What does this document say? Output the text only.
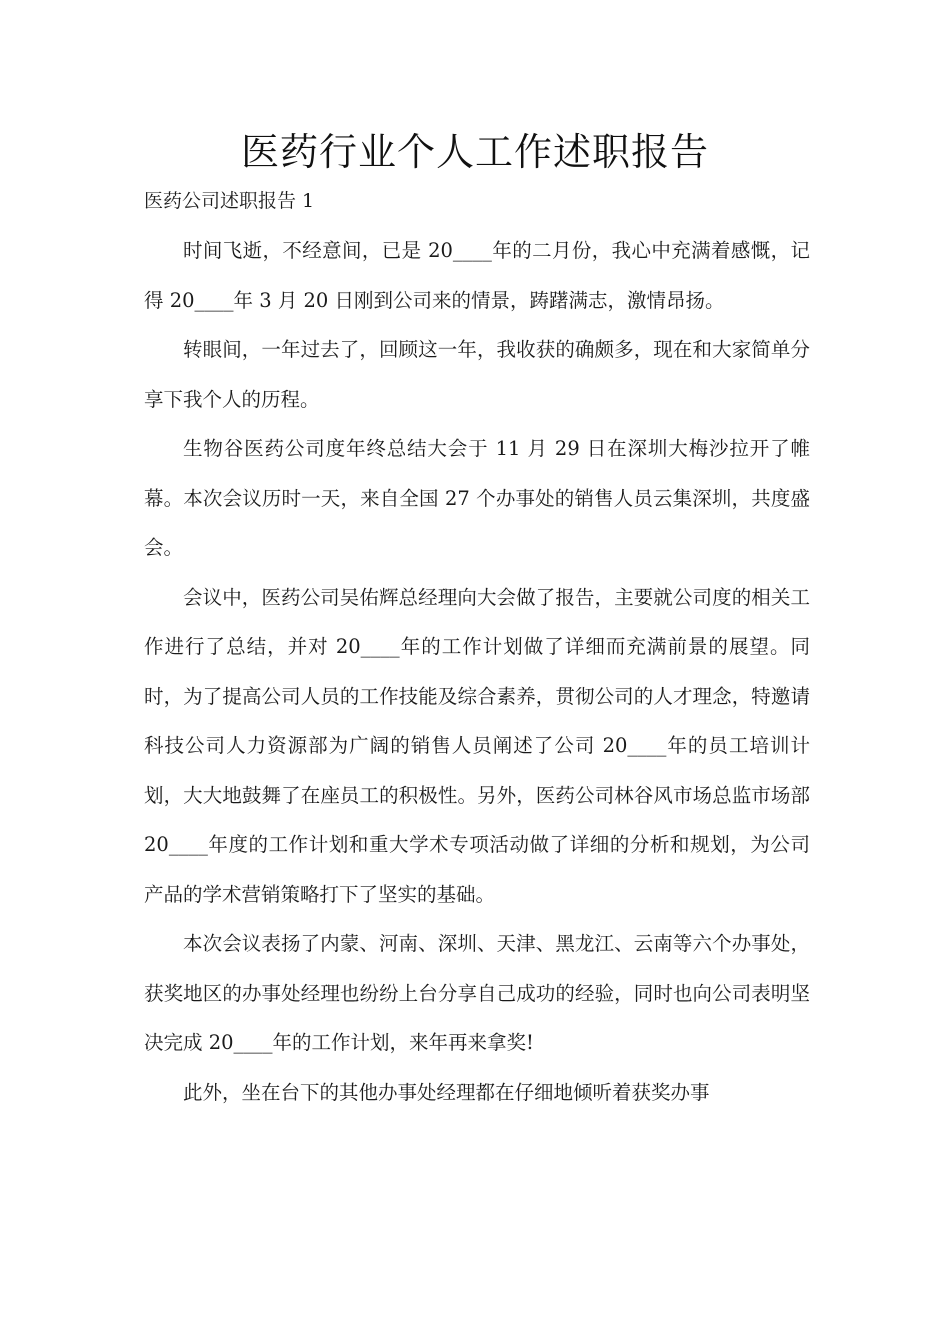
医药行业个人工作述职报告

医药公司述职报告 1

时间飞逝，不经意间，已是 20____年的二月份，我心中充满着感慨，记得 20____年 3 月 20 日刚到公司来的情景，踌躇满志，激情昂扬。

转眼间，一年过去了，回顾这一年，我收获的确颇多，现在和大家简单分享下我个人的历程。

生物谷医药公司度年终总结大会于 11 月 29 日在深圳大梅沙拉开了帷幕。本次会议历时一天，来自全国 27 个办事处的销售人员云集深圳，共度盛会。

会议中，医药公司吴佑辉总经理向大会做了报告，主要就公司度的相关工作进行了总结，并对 20____年的工作计划做了详细而充满前景的展望。同时，为了提高公司人员的工作技能及综合素养，贯彻公司的人才理念，特邀请科技公司人力资源部为广阔的销售人员阐述了公司 20____年的员工培训计划，大大地鼓舞了在座员工的积极性。另外，医药公司林谷风市场总监市场部 20____年度的工作计划和重大学术专项活动做了详细的分析和规划，为公司产品的学术营销策略打下了坚实的基础。

本次会议表扬了内蒙、河南、深圳、天津、黑龙江、云南等六个办事处，获奖地区的办事处经理也纷纷上台分享自己成功的经验，同时也向公司表明坚决完成 20____年的工作计划，来年再来拿奖!

此外，坐在台下的其他办事处经理都在仔细地倾听着获奖办事
